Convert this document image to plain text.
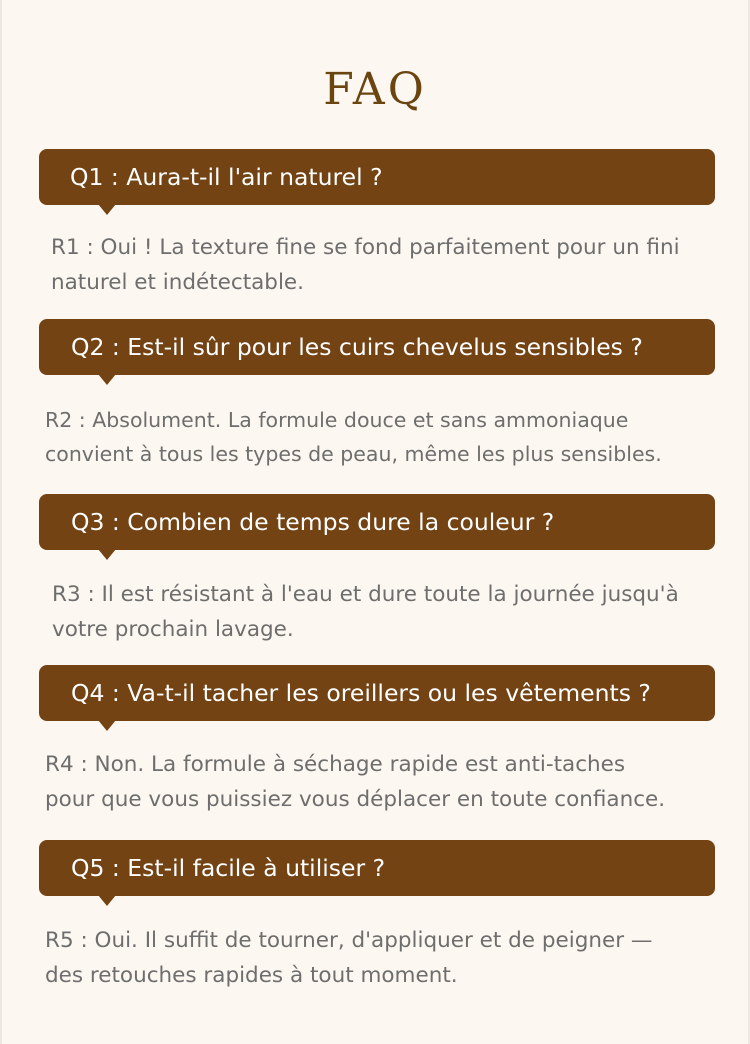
FAQ
Q1 : Aura-t-il l'air naturel ?

R1 : Oui ! La texture fine se fond parfaitement pour un fini
naturel et indétectable.

Q2 : Est-il sûr pour les cuirs chevelus sensibles ?

R2 : Absolument. La formule douce et sans ammoniaque
convient à tous les types de peau, même les plus sensibles.

Q3 : Combien de temps dure la couleur ?

R3 : Il est résistant à l'eau et dure toute la journée jusqu'à
votre prochain lavage.

Q4 : Va-t-il tacher les oreillers ou les vêtements ?

R4 : Non. La formule à séchage rapide est anti-taches
pour que vous puissiez vous déplacer en toute confiance.

Q5 : Est-il facile à utiliser ?

R5 : Oui. Il suffit de tourner, d'appliquer et de peigner —
des retouches rapides à tout moment.
